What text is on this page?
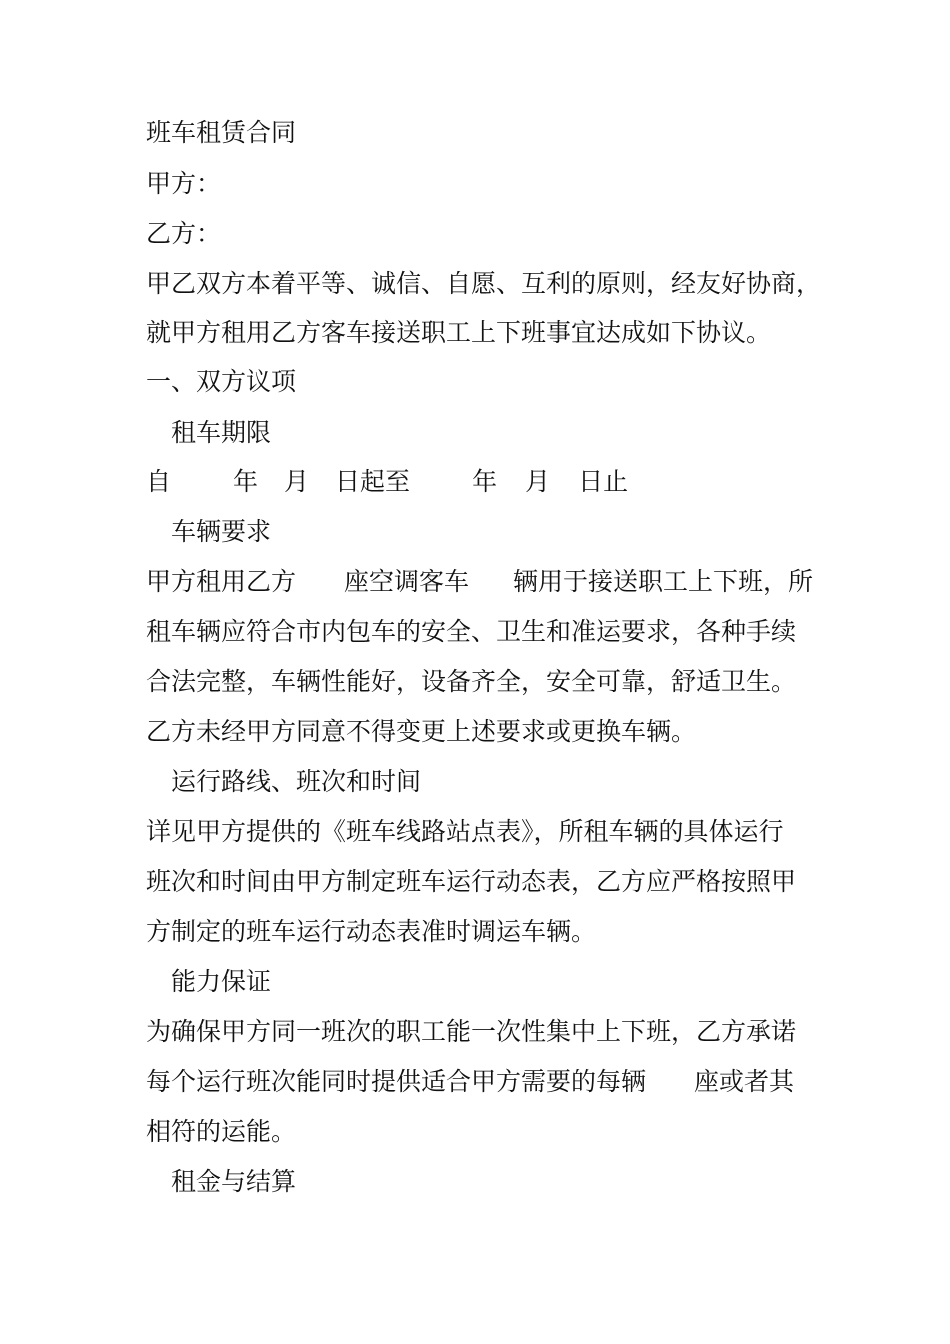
班车租赁合同
甲方：
乙方：
甲乙双方本着平等、诚信、自愿、互利的原则，经友好协商，
就甲方租用乙方客车接送职工上下班事宜达成如下协议。
一、双方议项
租车期限
自 年 月 日起至 年 月 日止
车辆要求
甲方租用乙方 座空调客车 辆用于接送职工上下班，所
租车辆应符合市内包车的安全、卫生和准运要求，各种手续
合法完整，车辆性能好，设备齐全，安全可靠，舒适卫生。
乙方未经甲方同意不得变更上述要求或更换车辆。
运行路线、班次和时间
详见甲方提供的《班车线路站点表》，所租车辆的具体运行
班次和时间由甲方制定班车运行动态表，乙方应严格按照甲
方制定的班车运行动态表准时调运车辆。
能力保证
为确保甲方同一班次的职工能一次性集中上下班，乙方承诺
每个运行班次能同时提供适合甲方需要的每辆 座或者其
相符的运能。
租金与结算
